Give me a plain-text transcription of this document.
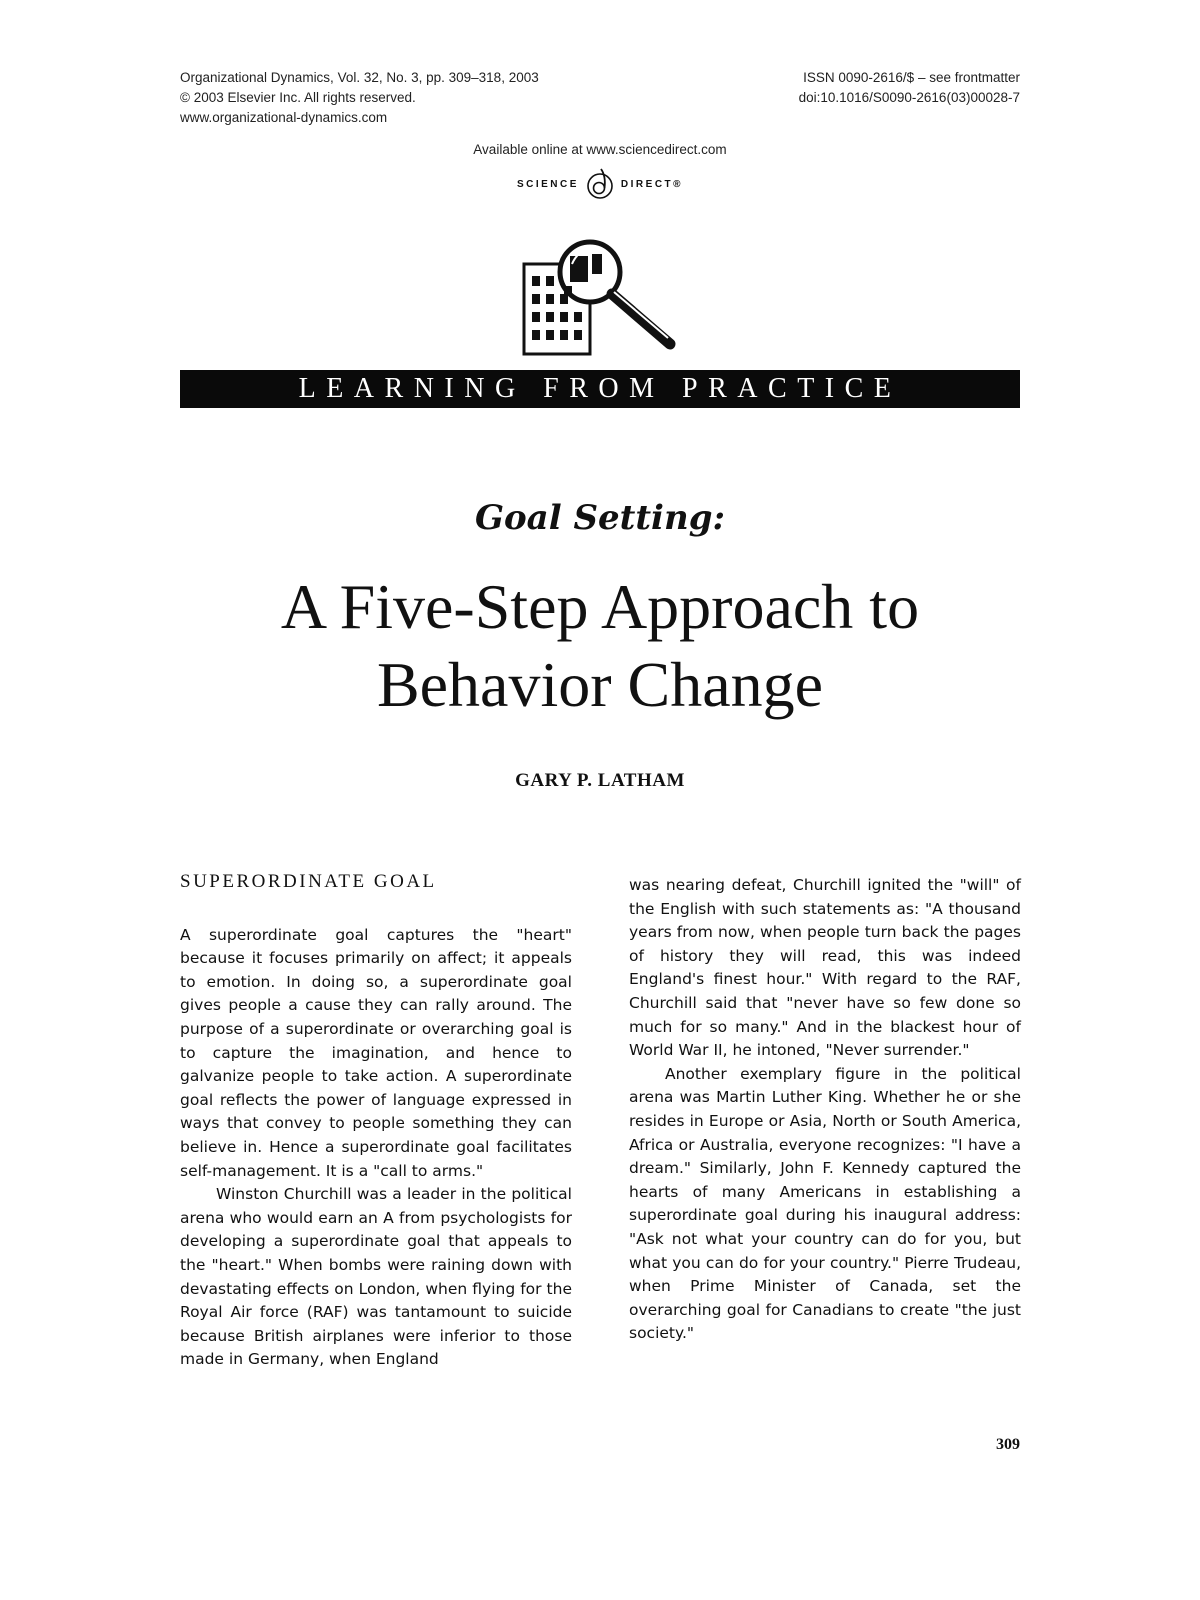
Organizational Dynamics, Vol. 32, No. 3, pp. 309–318, 2003
© 2003 Elsevier Inc. All rights reserved.
www.organizational-dynamics.com
ISSN 0090-2616/$ – see frontmatter
doi:10.1016/S0090-2616(03)00028-7
Available online at www.sciencedirect.com
SCIENCE	DIRECT®
LEARNING FROM PRACTICE
Goal Setting:
A Five-Step Approach to
Behavior Change
GARY P. LATHAM
SUPERORDINATE GOAL

A superordinate goal captures the "heart" because it focuses primarily on affect; it appeals to emotion. In doing so, a superordinate goal gives people a cause they can rally around. The purpose of a superordinate or overarching goal is to capture the imagination, and hence to galvanize people to take action. A superordinate goal reflects the power of language expressed in ways that convey to people something they can believe in. Hence a superordinate goal facilitates self-management. It is a "call to arms."

Winston Churchill was a leader in the political arena who would earn an A from psychologists for developing a superordinate goal that appeals to the "heart." When bombs were raining down with devastating effects on London, when flying for the Royal Air force (RAF) was tantamount to suicide because British airplanes were inferior to those made in Germany, when England

was nearing defeat, Churchill ignited the "will" of the English with such statements as: "A thousand years from now, when people turn back the pages of history they will read, this was indeed England's finest hour." With regard to the RAF, Churchill said that "never have so few done so much for so many." And in the blackest hour of World War II, he intoned, "Never surrender."

Another exemplary figure in the political arena was Martin Luther King. Whether he or she resides in Europe or Asia, North or South America, Africa or Australia, everyone recognizes: "I have a dream." Similarly, John F. Kennedy captured the hearts of many Americans in establishing a superordinate goal during his inaugural address: "Ask not what your country can do for you, but what you can do for your country." Pierre Trudeau, when Prime Minister of Canada, set the overarching goal for Canadians to create "the just society."

309
